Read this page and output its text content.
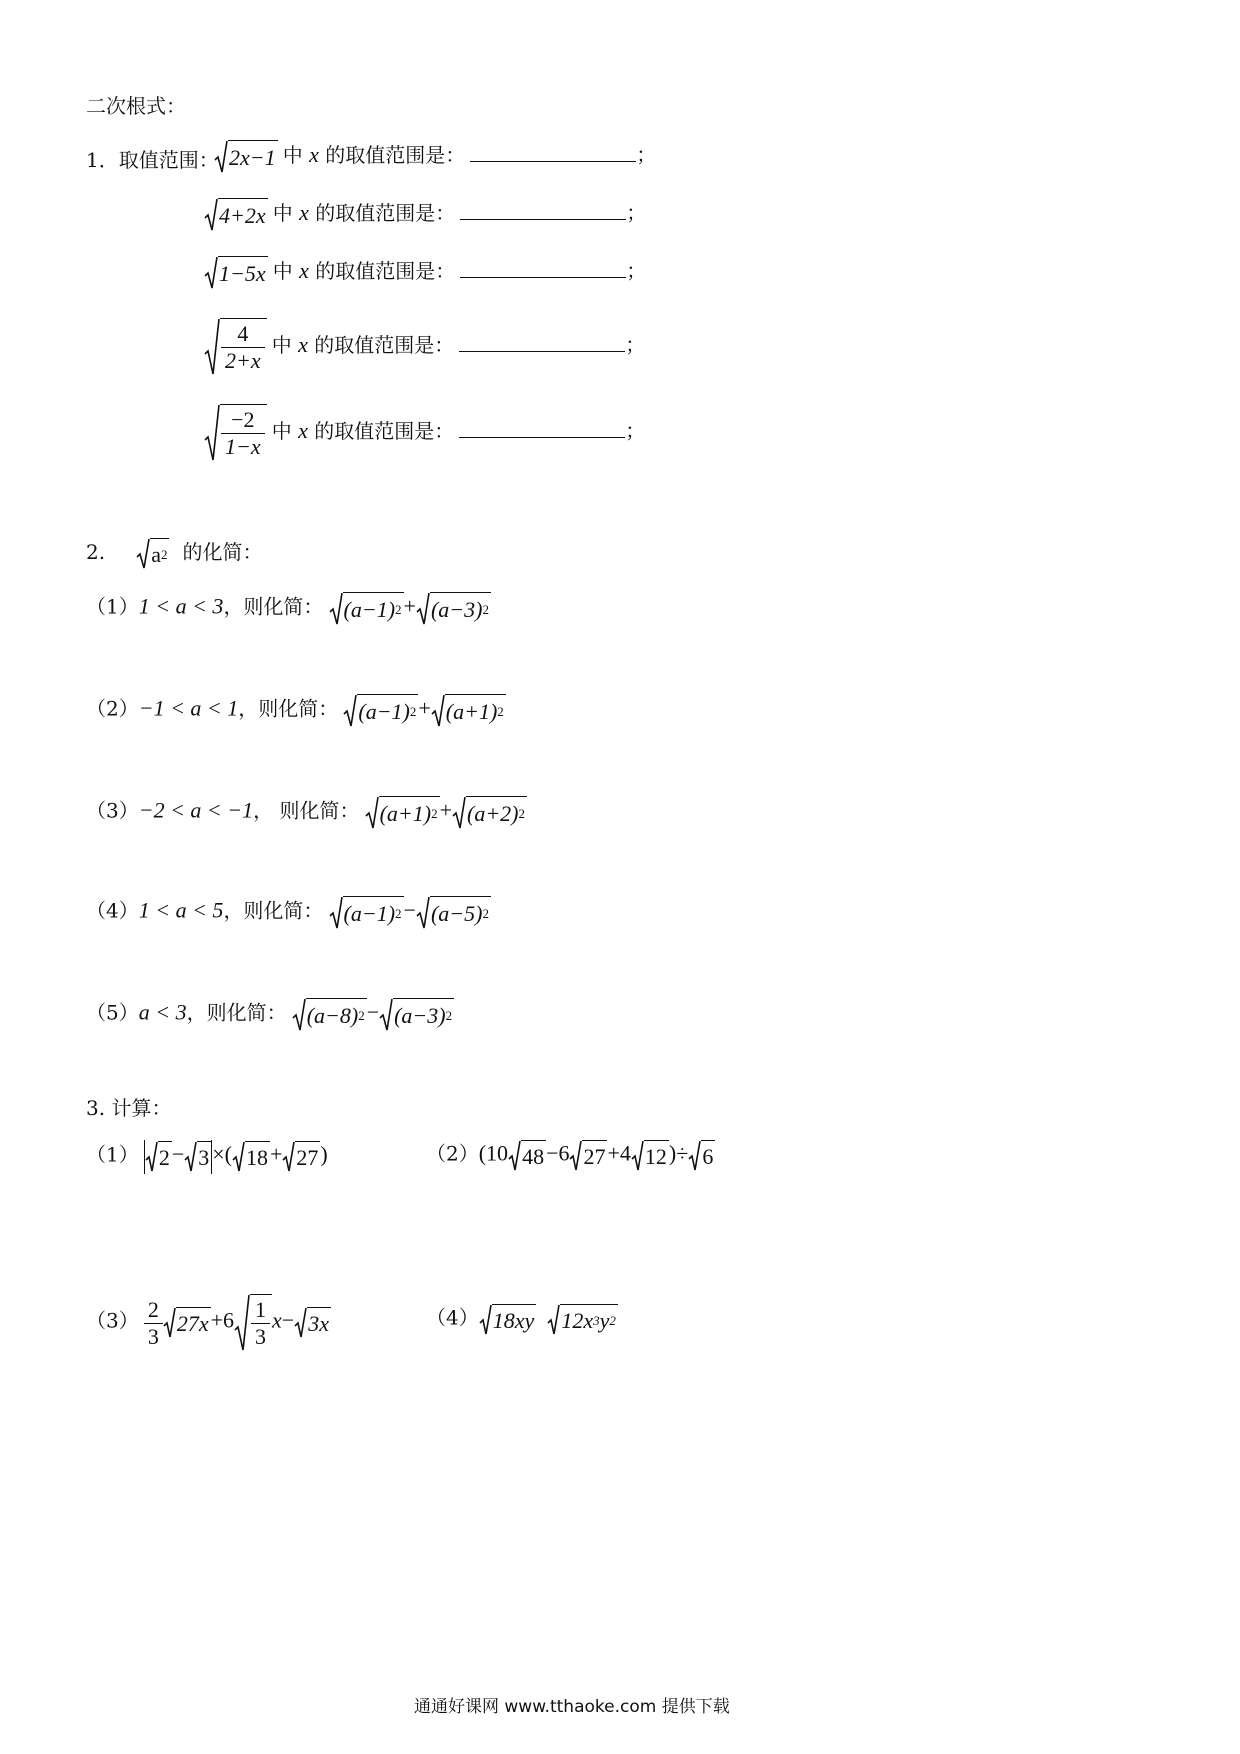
二次根式：
1．取值范围： 2x−1 中 x 的取值范围是：	；
4+2x 中 x 的取值范围是：	；
1−5x 中 x 的取值范围是：	；
$\frac{4}{2+x}$ 中 x 的取值范围是：	；
$\frac{-2}{1-x}$ 中 x 的取值范围是：	；
2. a 2 的化简：
（1）1 < a < 3，则化简： (a−1) 2 + (a−3) 2
（2）−1 < a < 1，则化简： (a−1) 2 + (a+1) 2
（3）−2 < a < −1， 则化简： (a+1) 2 + (a+2) 2
（4）1 < a < 5，则化简： (a−1) 2 − (a−5) 2
（5）a < 3，则化简： (a−8) 2 − (a−3) 2
3. 计算：
（1） 2 − 3 ×( 18 + 27 )	（2）(10 48 −6 27 +4 12 )÷ 6
$(3) \frac{2}{3} 27x +6 \frac{1}{3} x- 3x$	（4） 18xy
12x 3 y 2
通通好课网 www.tthaoke.com 提供下载
